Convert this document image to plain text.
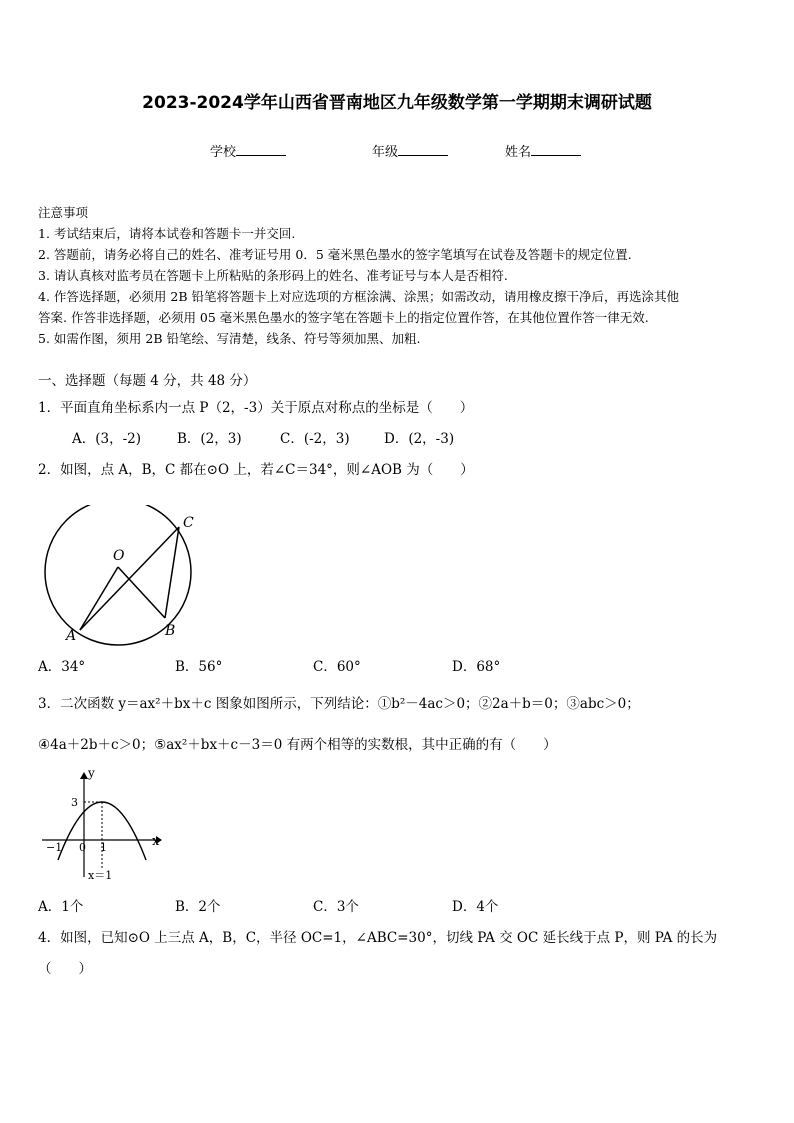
2023-2024学年山西省晋南地区九年级数学第一学期期末调研试题
学校	年级	姓名
注意事项
1. 考试结束后，请将本试卷和答题卡一并交回.
2. 答题前，请务必将自己的姓名、准考证号用 0．5 毫米黑色墨水的签字笔填写在试卷及答题卡的规定位置.
3. 请认真核对监考员在答题卡上所粘贴的条形码上的姓名、准考证号与本人是否相符.
4. 作答选择题，必须用 2B 铅笔将答题卡上对应选项的方框涂满、涂黑；如需改动，请用橡皮擦干净后，再选涂其他
答案. 作答非选择题，必须用 05 毫米黑色墨水的签字笔在答题卡上的指定位置作答，在其他位置作答一律无效.
5. 如需作图，须用 2B 铅笔绘、写清楚，线条、符号等须加黑、加粗.
一、选择题（每题 4 分，共 48 分）
1．平面直角坐标系内一点 P（2，-3）关于原点对称点的坐标是（　　）
A．(3，-2)	B．(2，3)	C．(-2，3)	D．(2，-3)
2．如图，点 A，B，C 都在⊙O 上，若∠C＝34°，则∠AOB 为（　　）
O
A	B
C
A．34°	B．56°	C．60°	D．68°
3．二次函数 y＝ax²＋bx＋c 图象如图所示，下列结论：①b²－4ac＞0；②2a＋b＝0；③abc＞0；
④4a＋2b＋c＞0；⑤ax²＋bx＋c－3＝0 有两个相等的实数根，其中正确的有（　　）
y
x
3
−1 0 1
x＝1
A．1个	B．2个	C．3个	D．4个
4．如图，已知⊙O 上三点 A，B，C，半径 OC=1，∠ABC=30°，切线 PA 交 OC 延长线于点 P，则 PA 的长为
（　　）
